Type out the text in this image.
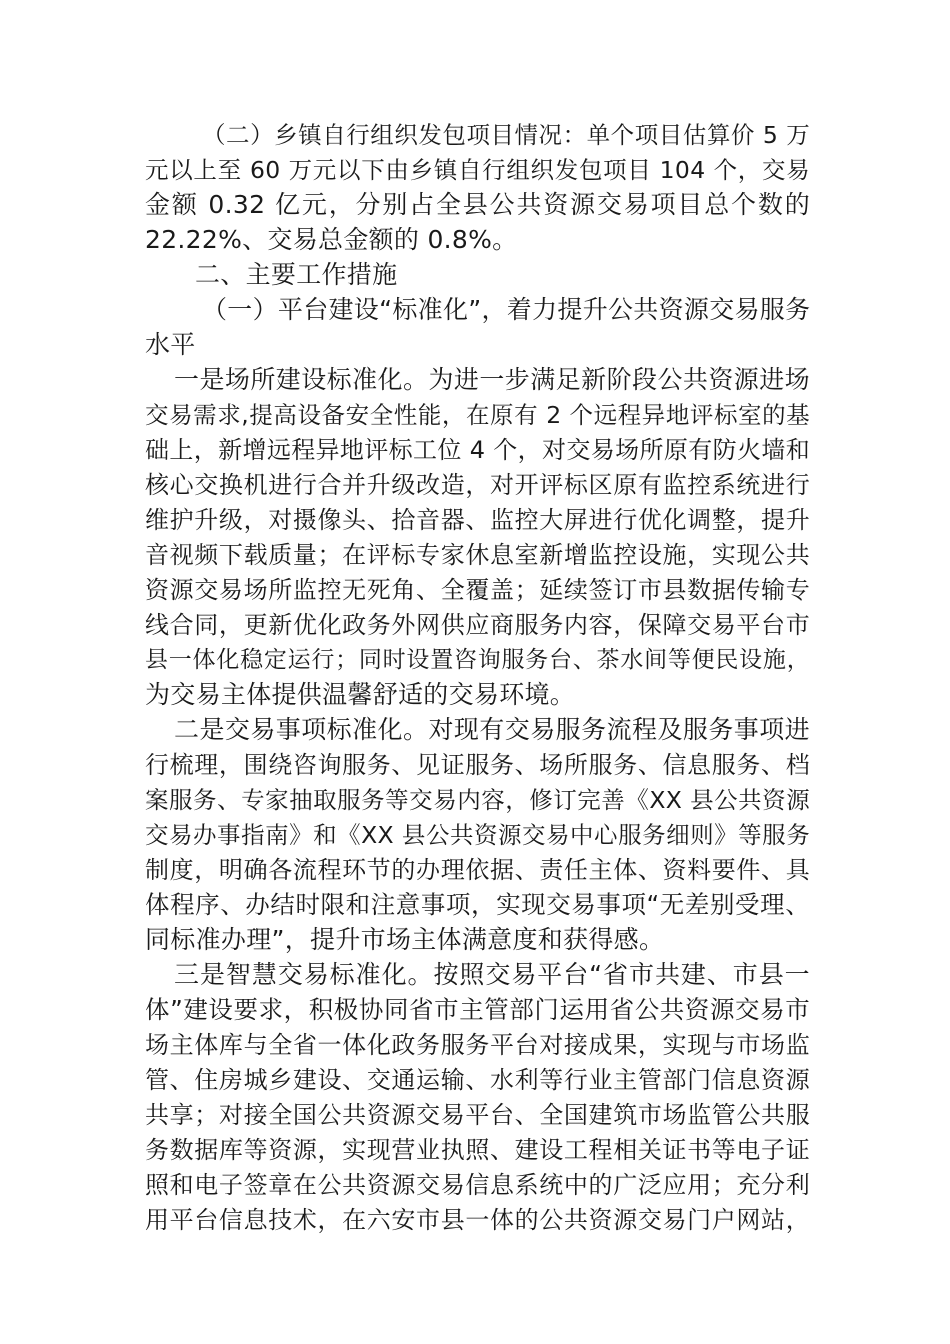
（二）乡镇自行组织发包项目情况：单个项目估算价 5 万

元以上至 60 万元以下由乡镇自行组织发包项目 104 个，交易

金额 0.32 亿元，分别占全县公共资源交易项目总个数的

22.22%、交易总金额的 0.8%。

二、主要工作措施

（一）平台建设“标准化”，着力提升公共资源交易服务

水平

一是场所建设标准化。为进一步满足新阶段公共资源进场

交易需求,提高设备安全性能，在原有 2 个远程异地评标室的基

础上，新增远程异地评标工位 4 个，对交易场所原有防火墙和

核心交换机进行合并升级改造，对开评标区原有监控系统进行

维护升级，对摄像头、拾音器、监控大屏进行优化调整，提升

音视频下载质量；在评标专家休息室新增监控设施，实现公共

资源交易场所监控无死角、全覆盖；延续签订市县数据传输专

线合同，更新优化政务外网供应商服务内容，保障交易平台市

县一体化稳定运行；同时设置咨询服务台、茶水间等便民设施，

为交易主体提供温馨舒适的交易环境。

二是交易事项标准化。对现有交易服务流程及服务事项进

行梳理，围绕咨询服务、见证服务、场所服务、信息服务、档

案服务、专家抽取服务等交易内容，修订完善《XX 县公共资源

交易办事指南》和《XX 县公共资源交易中心服务细则》等服务

制度，明确各流程环节的办理依据、责任主体、资料要件、具

体程序、办结时限和注意事项，实现交易事项“无差别受理、

同标准办理”，提升市场主体满意度和获得感。

三是智慧交易标准化。按照交易平台“省市共建、市县一

体”建设要求，积极协同省市主管部门运用省公共资源交易市

场主体库与全省一体化政务服务平台对接成果，实现与市场监

管、住房城乡建设、交通运输、水利等行业主管部门信息资源

共享；对接全国公共资源交易平台、全国建筑市场监管公共服

务数据库等资源，实现营业执照、建设工程相关证书等电子证

照和电子签章在公共资源交易信息系统中的广泛应用；充分利

用平台信息技术，在六安市县一体的公共资源交易门户网站，
